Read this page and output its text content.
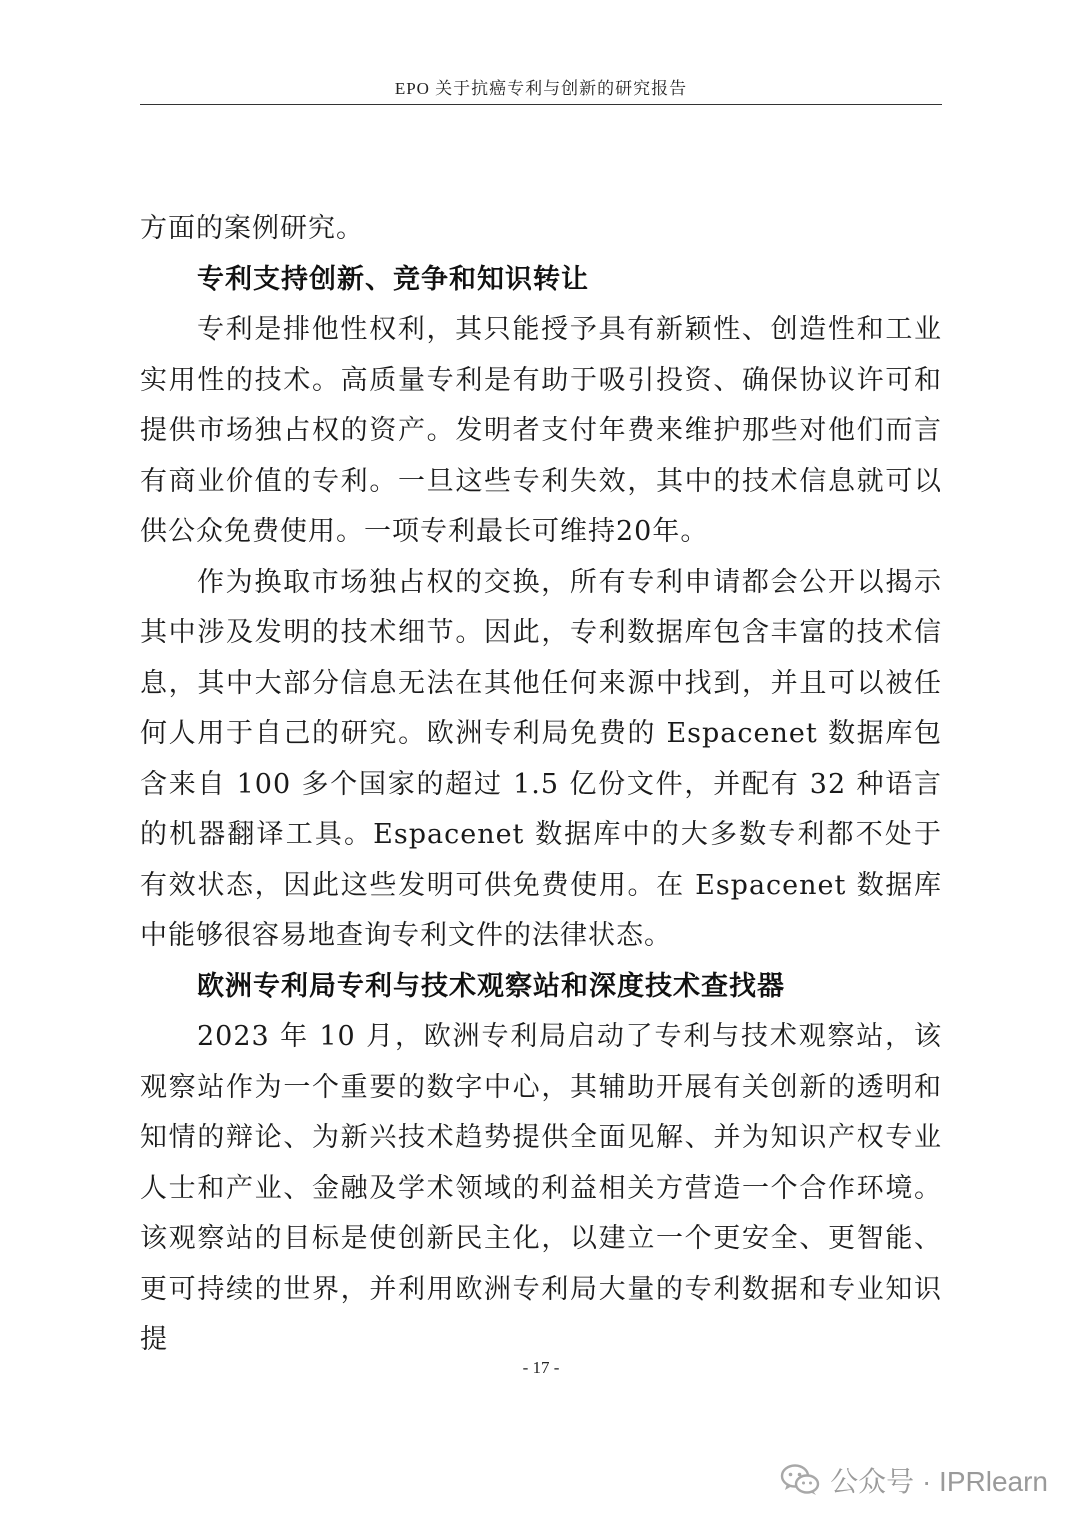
EPO 关于抗癌专利与创新的研究报告

方面的案例研究。

专利支持创新、竞争和知识转让

专利是排他性权利，其只能授予具有新颖性、创造性和工业实用性的技术。高质量专利是有助于吸引投资、确保协议许可和提供市场独占权的资产。发明者支付年费来维护那些对他们而言有商业价值的专利。一旦这些专利失效，其中的技术信息就可以供公众免费使用。一项专利最长可维持20年。

作为换取市场独占权的交换，所有专利申请都会公开以揭示其中涉及发明的技术细节。因此，专利数据库包含丰富的技术信息，其中大部分信息无法在其他任何来源中找到，并且可以被任何人用于自己的研究。欧洲专利局免费的 Espacenet 数据库包含来自 100 多个国家的超过 1.5 亿份文件，并配有 32 种语言的机器翻译工具。Espacenet 数据库中的大多数专利都不处于有效状态，因此这些发明可供免费使用。在 Espacenet 数据库中能够很容易地查询专利文件的法律状态。

欧洲专利局专利与技术观察站和深度技术查找器

2023 年 10 月，欧洲专利局启动了专利与技术观察站，该观察站作为一个重要的数字中心，其辅助开展有关创新的透明和知情的辩论、为新兴技术趋势提供全面见解、并为知识产权专业人士和产业、金融及学术领域的利益相关方营造一个合作环境。该观察站的目标是使创新民主化，以建立一个更安全、更智能、更可持续的世界，并利用欧洲专利局大量的专利数据和专业知识提

- 17 -
公众号 · IPRlearn
